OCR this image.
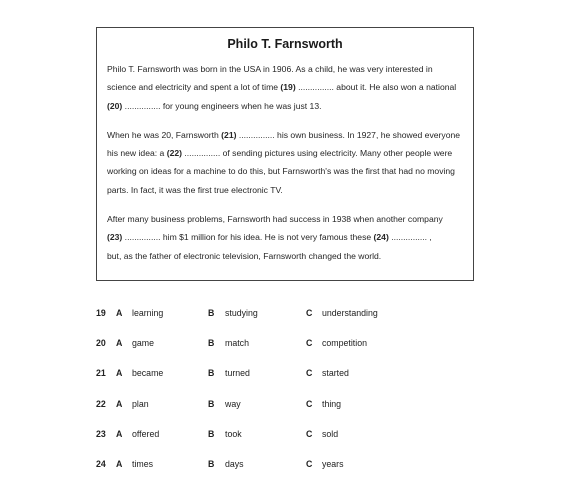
Philo T. Farnsworth
Philo T. Farnsworth was born in the USA in 1906. As a child, he was very interested in
science and electricity and spent a lot of time (19) ............... about it. He also won a national
(20) ............... for young engineers when he was just 13.
When he was 20, Farnsworth (21) ............... his own business. In 1927, he showed everyone
his new idea: a (22) ............... of sending pictures using electricity. Many other people were
working on ideas for a machine to do this, but Farnsworth's was the first that had no moving
parts. In fact, it was the first true electronic TV.
After many business problems, Farnsworth had success in 1938 when another company
(23) ............... him $1 million for his idea. He is not very famous these (24) ............... ,
but, as the father of electronic television, Farnsworth changed the world.
19 A learning	B studying	C understanding
20 A game	B match	C competition
21 A became	B turned	C started
22 A plan	B way	C thing
23 A offered	B took	C sold
24 A times	B days	C years
